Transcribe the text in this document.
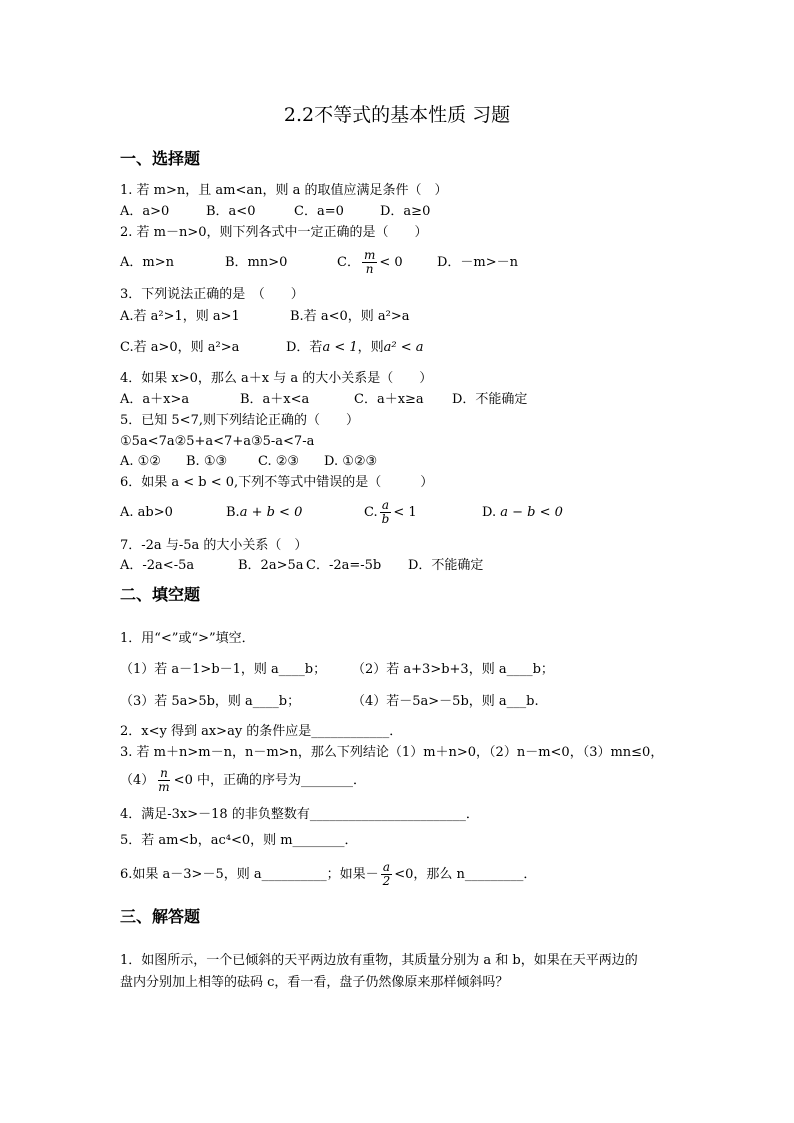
2.2不等式的基本性质 习题
一、选择题
1. 若 m>n，且 am<an，则 a 的取值应满足条件（　）
A．a>0	B．a<0	C．a=0	D．a≥0
2. 若 m－n>0，则下列各式中一定正确的是（　　）
A．m>n	B．mn>0	C． $\frac{m}{n} < 0$	D．－m>－n
3．下列说法正确的是　（　　）
A.若 a²>1，则 a>1	B.若 a<0，则 a²>a
C.若 a>0，则 a²>a	D．若a < 1，则a² < a
4．如果 x>0，那么 a＋x 与 a 的大小关系是（　　）
A．a＋x>a	B．a＋x<a	C．a＋x≥a D．不能确定
5．已知 5<7,则下列结论正确的（　　）
①5a<7a②5+a<7+a③5-a<7-a
A. ①② B. ①③ C. ②③ D. ①②③
6．如果 a < b < 0,下列不等式中错误的是（　　　）
A. ab>0	B.a + b < 0	C. $\frac{a}{b} < 1$	D. a − b < 0
7．-2a 与-5a 的大小关系（　）
A．-2a<-5a	B．2a>5a C．-2a=-5b D．不能确定
二、填空题
1．用“<”或“>”填空．
（1）若 a－1>b－1，则 a____b； （2）若 a+3>b+3，则 a____b；
（3）若 5a>5b，则 a____b；	（4）若－5a>－5b，则 a___b.
2．x<y 得到 ax>ay 的条件应是____________．
3. 若 m＋n>m－n，n－m>n，那么下列结论（1）m＋n>0，（2）n－m<0，（3）mn≤0，
$(4) \frac{n}{m} <0$ 中，正确的序号为________．
4．满足-3x>－18 的非负整数有________________________．
5．若 am<b，ac⁴<0，则 m________．
6.如果 a－3>－5，则 a__________；如果－ $\frac{a}{2} <0$，那么 n_________．
三、解答题
1．如图所示，一个已倾斜的天平两边放有重物，其质量分别为 a 和 b，如果在天平两边的
盘内分别加上相等的砝码 c，看一看，盘子仍然像原来那样倾斜吗？
